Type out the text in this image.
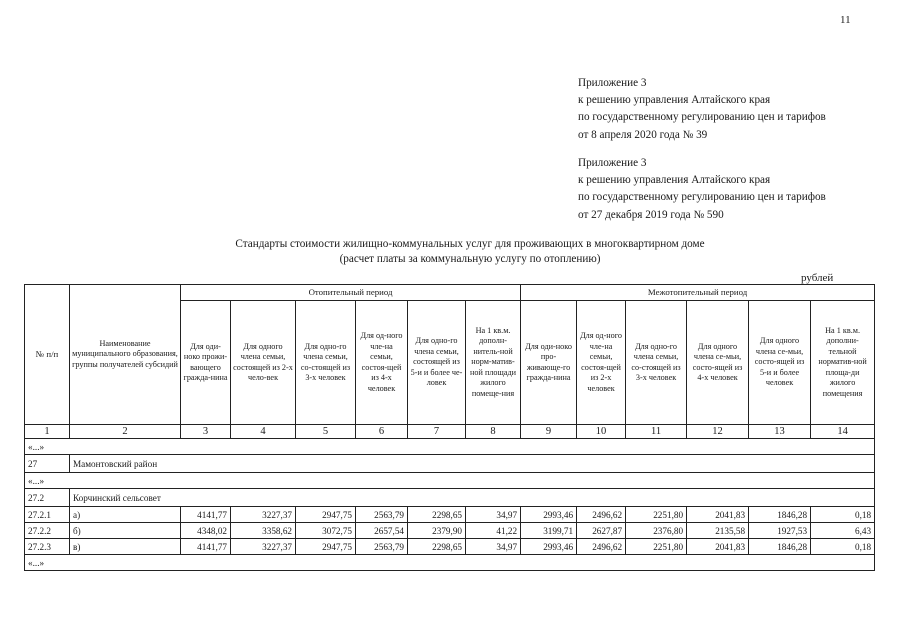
11
Приложение 3
к решению управления Алтайского края
по государственному регулированию цен и тарифов
от 8 апреля 2020 года № 39
Приложение 3
к решению управления Алтайского края
по государственному регулированию цен и тарифов
от 27 декабря 2019 года № 590
Стандарты стоимости жилищно-коммунальных услуг для проживающих в многоквартирном доме
(расчет платы за коммунальную услугу по отоплению)
рублей
№ п/п	Наименование муниципального образования, группы получателей субсидий	Отопительный период						Межотопительный период					
		Для оди-ноко прожи-вающего гражда-нина	Для одного члена семьи, состоящей из 2-х чело-век	Для одно-го члена семьи, со-стоящей из 3-х человек	Для од-ного чле-на семьи, состоя-щей из 4-х человек	Для одно-го члена семьи, состоящей из 5-и и более че-ловек	На 1 кв.м. дополн-нитель-ной норм-матив-ной площади жилого помеще-ния	Для оди-ноко про-живающе-го гражда-нина	Для од-ного чле-на семьи, состоя-щей из 2-х человек	Для одно-го члена семьи, со-стоящей из 3-х человек	Для одного члена се-мьи, состо-ящей из 4-х человек	Для одного члена се-мьи, состо-ящей из 5-и и более человек	На 1 кв.м. дополни-тельной норматив-ной площа-ди жилого помещения
1	2	3	4	5	6	7	8	9	10	11	12	13	14
«...»													
27	Мамонтовский район												
«...»													
27.2	Корчинский сельсовет												
27.2.1	а)	4141,77	3227,37	2947,75	2563,79	2298,65	34,97	2993,46	2496,62	2251,80	2041,83	1846,28	0,18
27.2.2	б)	4348,02	3358,62	3072,75	2657,54	2379,90	41,22	3199,71	2627,87	2376,80	2135,58	1927,53	6,43
27.2.3	в)	4141,77	3227,37	2947,75	2563,79	2298,65	34,97	2993,46	2496,62	2251,80	2041,83	1846,28	0,18
«...»													
